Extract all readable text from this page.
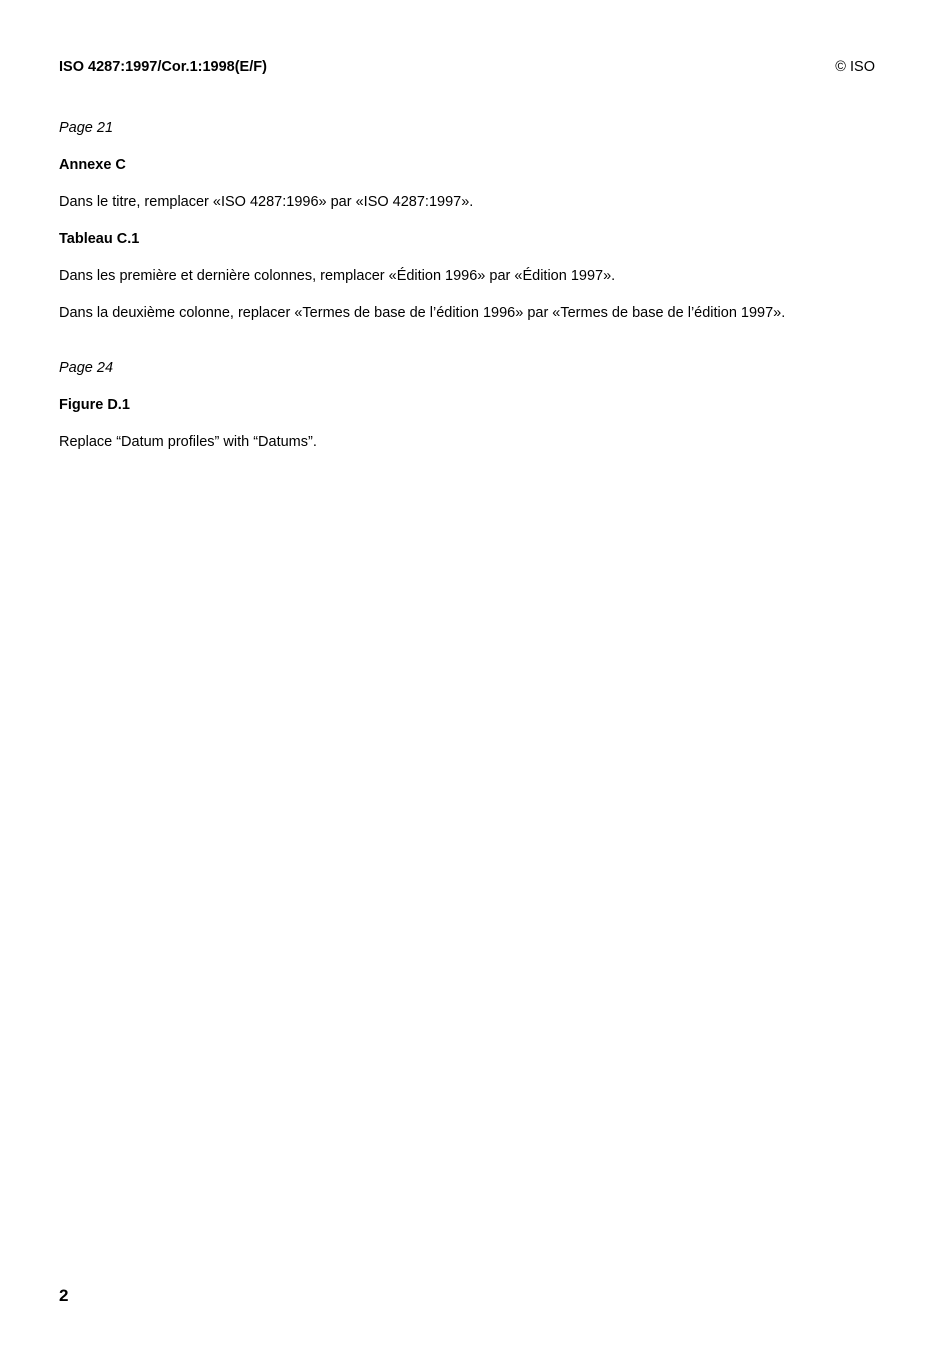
ISO 4287:1997/Cor.1:1998(E/F)	© ISO
Page 21
Annexe C
Dans le titre, remplacer «ISO 4287:1996» par «ISO 4287:1997».
Tableau C.1
Dans les première et dernière colonnes, remplacer «Édition 1996» par «Édition 1997».
Dans la deuxième colonne, replacer «Termes de base de l’édition 1996» par «Termes de base de l’édition 1997».
Page 24
Figure D.1
Replace “Datum profiles” with “Datums”.
2
